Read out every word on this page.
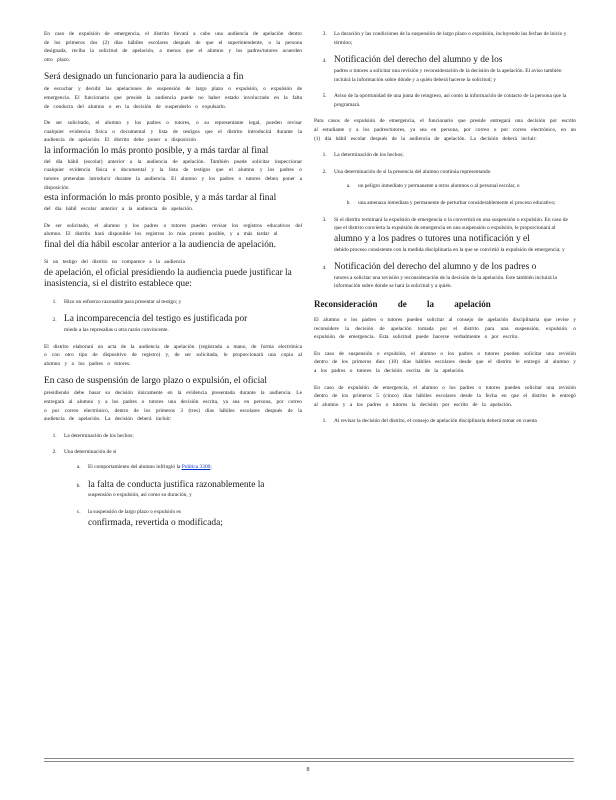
En caso de expulsión de emergencia, el distrito llevará a cabo una audiencia de apelación dentro de los primeros dos (2) días hábiles escolares después de que el superintendente, o la persona designada, reciba la solicitud de apelación, a menos que el alumno y los padres/tutores acuerden otro plazo.

Será designado un funcionario para la audiencia a fin

de escuchar y decidir las apelaciones de suspensión de largo plazo o expulsión, o expulsión de emergencia. El funcionario que preside la audiencia puede no haber estado involucrado en la falta de conducta del alumno o en la decisión de suspenderlo o expulsarlo.

De ser solicitado, el alumno y los padres o tutores, o su representante legal, pueden revisar cualquier evidencia física o documental y lista de testigos que el distrito introducirá durante la audiencia de apelación. El distrito debe poner a disposición
la información lo más pronto posible, y a más tardar al final
del día hábil (escolar) anterior a la audiencia de apelación. También puede solicitar inspeccionar cualquier evidencia física o documental y la lista de testigos que el alumno y los padres o tutores pretendan introducir durante la audiencia. El alumno y los padres o tutores deben poner a disposición
esta información lo más pronto posible, y a más tardar al final
del día hábil escolar anterior a la audiencia de apelación.

De ser solicitado, el alumno y los padres o tutores pueden revisar los registros educativos del alumno. El distrito hará disponible los registros lo más pronto posible, y a más tardar al
final del día hábil escolar anterior a la audiencia de apelación.

Si un testigo del distrito no comparece a la audiencia
de apelación, el oficial presidiendo la audiencia puede justificar la inasistencia, si el distrito establece que:

1. Hizo un esfuerzo razonable para presentar al testigo; y
2. La incomparecencia del testigo es justificada por
miedo a las represalias u otra razón convincente.

El distrito elaborará un acta de la audiencia de apelación (registrada a mano, de forma electrónica o con otro tipo de dispositivo de registro) y, de ser solicitada, le proporcionará una copia al alumno y a los padres o tutores.

En caso de suspensión de largo plazo o expulsión, el oficial

presidiendo debe basar su decisión únicamente en la evidencia presentada durante la audiencia. Le entregará al alumno y a los padres o tutores una decisión escrita, ya sea en persona, por correo o por correo electrónico, dentro de los primeros 3 (tres) días hábiles escolares después de la audiencia de apelación. La decisión deberá incluir:

1. La determinación de los hechos;
2. Una determinación de si
a. El comportamiento del alumno infringió la Política 3300;
b. la falta de conducta justifica razonablemente la
suspensión o expulsión, así como su duración, y
c. la suspensión de largo plazo o expulsión es
confirmada, revertida o modificada;
3. La duración y las condiciones de la suspensión de largo plazo o expulsión, incluyendo las fechas de inicio y término;
4. Notificación del derecho del alumno y de los
padres o tutores a solicitar una revisión y reconsideración de la decisión de la apelación. El aviso también incluirá la información sobre dónde y a quién deberá hacerse la solicitud; y
5. Aviso de la oportunidad de una junta de reingreso, así como la información de contacto de la persona que la programará.

Para casos de expulsión de emergencia, el funcionario que preside entregará una decisión por escrito al estudiante y a los padres/tutores, ya sea en persona, por correo o por correo electrónico, en un (1) día hábil escolar después de la audiencia de apelación. La decisión deberá incluir:

1. La determinación de los hechos;
2. Una determinación de si la presencia del alumno continúa representando
a. un peligro inmediato y permanente a otros alumnos o al personal escolar, o
b. una amenaza inmediata y permanente de perturbar considerablemente el proceso educativo;
3. Si el distrito terminará la expulsión de emergencia o la convertirá en una suspensión o expulsión. En caso de que el distrito convierta la expulsión de emergencia en una suspensión o expulsión, le proporcionará al
alumno y a los padres o tutores una notificación y el
debido proceso consistente con la medida disciplinaria en la que se convirtió la expulsión de emergencia; y
4. Notificación del derecho del alumno y de los padres o
tutores a solicitar una revisión y reconsideración de la decisión de la apelación. Este también incluirá la información sobre dónde se hará la solicitud y a quién.
Reconsideración de la apelación

El alumno o los padres o tutores pueden solicitar al consejo de apelación disciplinaria que revise y reconsidere la decisión de apelación tomada por el distrito para una suspensión, expulsión o expulsión de emergencia. Esta solicitud puede hacerse verbalmente o por escrito.

En caso de suspensión o expulsión, el alumno o los padres o tutores pueden solicitar una revisión dentro de los primeros diez (10) días hábiles escolares desde que el distrito le entregó al alumno y a los padres o tutores la decisión escrita de la apelación.

En caso de expulsión de emergencia, el alumno o los padres o tutores pueden solicitar una revisión dentro de los primeros 5 (cinco) días hábiles escolares desde la fecha en que el distrito le entregó al alumno y a los padres o tutores la decisión por escrito de la apelación.

1. Al revisar la decisión del distrito, el consejo de apelación disciplinaria deberá tomar en cuenta
8
